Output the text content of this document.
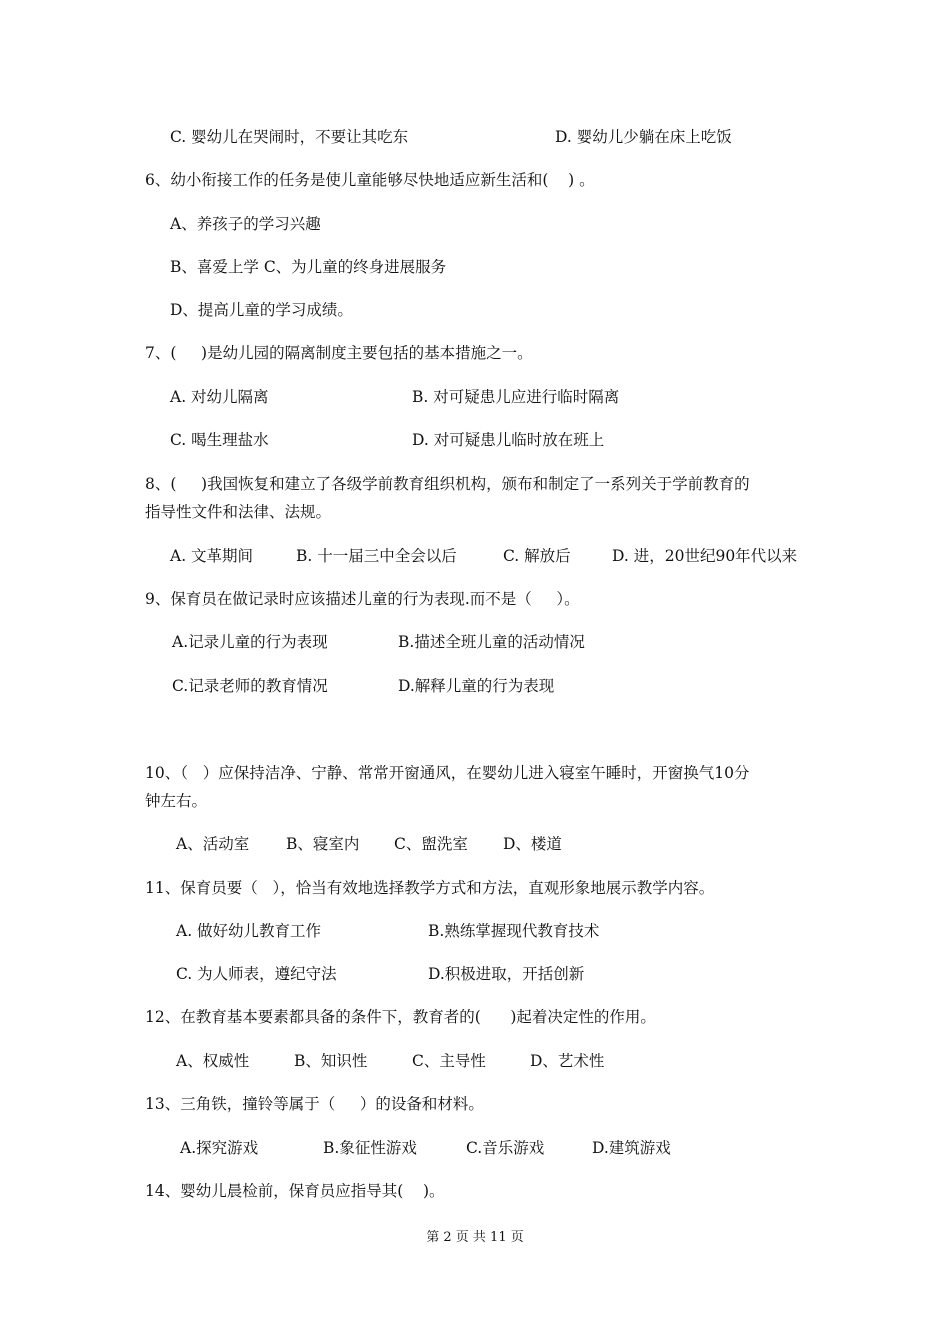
C. 婴幼儿在哭闹时，不要让其吃东	D. 婴幼儿少躺在床上吃饭
6、幼小衔接工作的任务是使儿童能够尽快地适应新生活和(    ) 。
A、养孩子的学习兴趣
B、喜爱上学 C、为儿童的终身进展服务
D、提高儿童的学习成绩。
7、(     )是幼儿园的隔离制度主要包括的基本措施之一。
A. 对幼儿隔离	B. 对可疑患儿应进行临时隔离
C. 喝生理盐水	D. 对可疑患儿临时放在班上
8、(     )我国恢复和建立了各级学前教育组织机构，颁布和制定了一系列关于学前教育的
指导性文件和法律、法规。
A. 文革期间	B. 十一届三中全会以后	C. 解放后	D. 进，20世纪90年代以来
9、保育员在做记录时应该描述儿童的行为表现.而不是（     ）。
A.记录儿童的行为表现	B.描述全班儿童的活动情况
C.记录老师的教育情况	D.解释儿童的行为表现
10、（   ）应保持洁净、宁静、常常开窗通风，在婴幼儿进入寝室午睡时，开窗换气10分
钟左右。
A、活动室 B、寝室内 C、盥洗室 D、楼道
11、保育员要（   ），恰当有效地选择教学方式和方法，直观形象地展示教学内容。
A. 做好幼儿教育工作	B.熟练掌握现代教育技术
C. 为人师表，遵纪守法	D.积极进取，开括创新
12、在教育基本要素都具备的条件下，教育者的(      )起着决定性的作用。
A、权威性	B、知识性	C、主导性	D、艺术性
13、三角铁，撞铃等属于（     ）的设备和材料。
A.探究游戏	B.象征性游戏	C.音乐游戏	D.建筑游戏
14、婴幼儿晨检前，保育员应指导其(    )。
第 2 页 共 11 页
